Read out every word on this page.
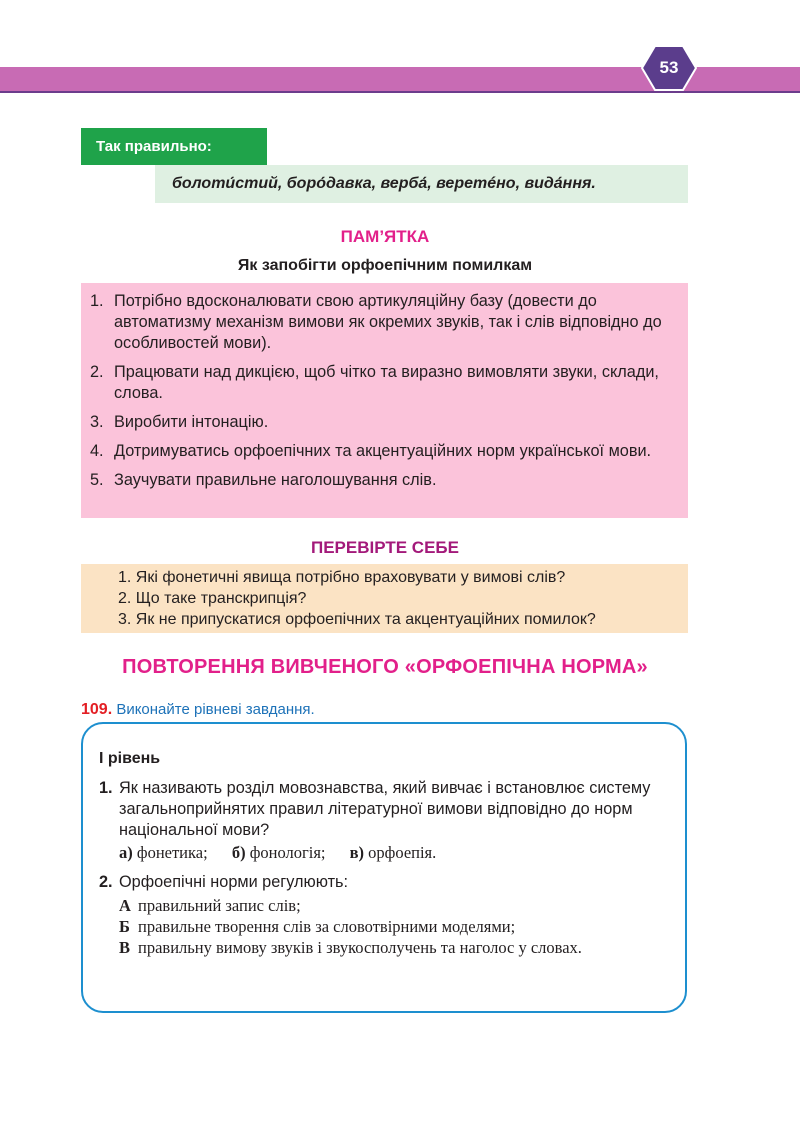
53
Так правильно:
болоти́стий, боро́давка, верба́, веретéно, вида́ння.
ПАМ’ЯТКА
Як запобігти орфоепічним помилкам
1. Потрібно вдосконалювати свою артикуляційну базу (довести до автоматизму механізм вимови як окремих звуків, так і слів відповідно до особливостей мови).
2. Працювати над дикцією, щоб чітко та виразно вимовляти звуки, склади, слова.
3. Виробити інтонацію.
4. Дотримуватись орфоепічних та акцентуаційних норм української мови.
5. Заучувати правильне наголошування слів.
ПЕРЕВІРТЕ СЕБЕ
1. Які фонетичні явища потрібно враховувати у вимові слів?
2. Що таке транскрипція?
3. Як не припускатися орфоепічних та акцентуаційних помилок?
ПОВТОРЕННЯ ВИВЧЕНОГО «ОРФОЕПІЧНА НОРМА»
109. Виконайте рівневі завдання.
І рівень
1. Як називають розділ мовознавства, який вивчає і встановлює систему загальноприйнятих правил літературної вимови відповідно до норм національної мови?
а) фонетика; б) фонологія; в) орфоепія.
2. Орфоепічні норми регулюють:
А правильний запис слів;
Б правильне творення слів за словотвірними моделями;
В правильну вимову звуків і звукосполучень та наголос у словах.
